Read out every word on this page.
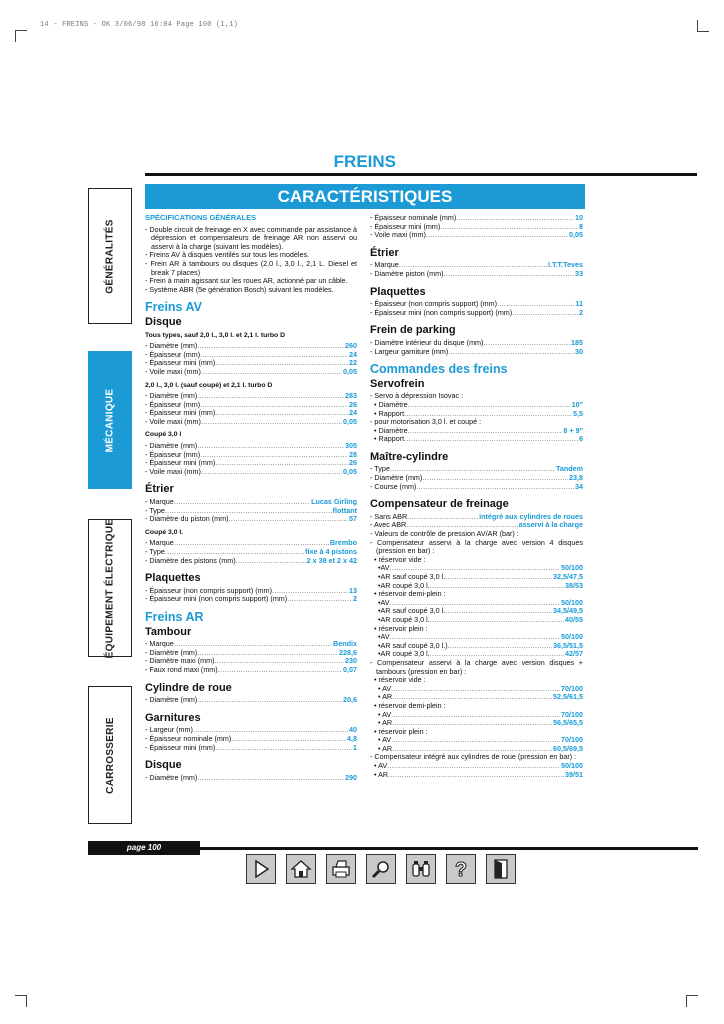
14 - FREINS - OK 3/06/98 16:04 Page 100 (1,1)
FREINS
CARACTÉRISTIQUES
GÉNÉRALITÉS
MÉCANIQUE
ÉQUIPEMENT ÉLECTRIQUE
CARROSSERIE
SPÉCIFICATIONS GÉNÉRALES
- Double circuit de freinage en X avec commande par assistance à dépression et compensateurs de freinage AR non asservi ou asservi à la charge (suivant les modèles).
- Freins AV à disques ventilés sur tous les modèles.
- Frein AR à tambours ou disques (2,0 l., 3,0 l., 2,1 L. Diesel et break 7 places)
- Frein à main agissant sur les roues AR, actionné par un câble.
- Système ABR (5e génération Bosch) suivant les modèles.
Freins AV
Disque
Tous types, sauf 2,0 l., 3,0 l. et 2,1 l. turbo D
- Diamètre (mm) .....	260
- Épaisseur (mm) .....	24
- Épaisseur mini (mm) .....	22
- Voile maxi (mm) .....	0,05
2,0 l., 3,0 l. (sauf coupé) et 2,1 l. turbo D
- Diamètre (mm) .....	283
- Épaisseur (mm) .....	26
- Épaisseur mini (mm) .....	24
- Voile maxi (mm) .....	0,05
Coupé 3,0 l
- Diamètre (mm) .....	305
- Épaisseur (mm) .....	28
- Épaisseur mini (mm) .....	26
- Voile maxi (mm) .....	0,05
Étrier
- Marque .....	Lucas Girling
- Type .....	flottant
- Diamètre du piston (mm) .....	57
Coupé 3,0 l.
- Marque .....	Brembo
- Type .....	fixe à 4 pistons
- Diamètre des pistons (mm) .....	2 x 38 et 2 x 42
Plaquettes
- Épaisseur (non compris support) (mm) .....	13
- Épaisseur mini (non compris support) (mm) .....	2
Freins AR
Tambour
- Marque .....	Bendix
- Diamètre (mm) .....	228,6
- Diamètre maxi (mm) .....	230
- Faux rond maxi (mm) .....	0,07
Cylindre de roue
- Diamètre (mm) .....	20,6
Garnitures
- Largeur (mm) .....	40
- Épaisseur nominale (mm) .....	4,8
- Épaisseur mini (mm) .....	1
Disque
- Diamètre (mm) .....	290
- Épaisseur nominale (mm) .....	10
- Épaisseur mini (mm) .....	8
- Voile maxi (mm) .....	0,05
Étrier
- Marque .....	I.T.T.Teves
- Diamètre piston (mm) .....	33
Plaquettes
- Épaisseur (non compris support) (mm) .....	11
- Épaisseur mini (non compris support) (mm) .....	2
Frein de parking
- Diamètre intérieur du disque (mm) .....	185
- Largeur garniture (mm) .....	30
Commandes des freins
Servofrein
- Servo à dépression Isovac :
• Diamètre .....	10"
• Rapport .....	5,5
- pour motorisation 3,0 l. et coupé :
• Diamètre .....	8 + 9"
• Rapport .....	6
Maître-cylindre
- Type .....	Tandem
- Diamètre (mm) .....	23,8
- Course (mm) .....	34
Compensateur de freinage
- Sans ABR .....	intégré aux cylindres de roues
- Avec ABR .....	asservi à la charge
- Valeurs de contrôle de pression AV/AR (bar) :
- Compensateur asservi à la charge avec version 4 disques (pression en bar) :
• réservoir vide :
•AV .....	50/100
•AR sauf coupé 3,0 l. .....	32,5/47,5
•AR coupé 3,0 l. .....	38/53
• réservoir demi-plein :
•AV .....	50/100
•AR sauf coupé 3,0 l. .....	34,5/49,5
•AR coupé 3,0 l. .....	40/55
• réservoir plein :
•AV .....	50/100
•AR sauf coupé 3,0 l.) .....	36,5/51,5
•AR coupé 3,0 l. .....	42/57
- Compensateur asservi à la charge avec version disques + tambours (pression en bar) :
• réservoir vide :
• AV .....	70/100
• AR .....	52,5/61,5
• réservoir demi-plein :
• AV .....	70/100
• AR .....	56,5/65,5
• réservoir plein :
• AV .....	70/100
• AR .....	60,5/69,5
- Compensateur intégré aux cylindres de roue (pression en bar) :
• AV .....	50/100
• AR .....	39/51
page 100
?
